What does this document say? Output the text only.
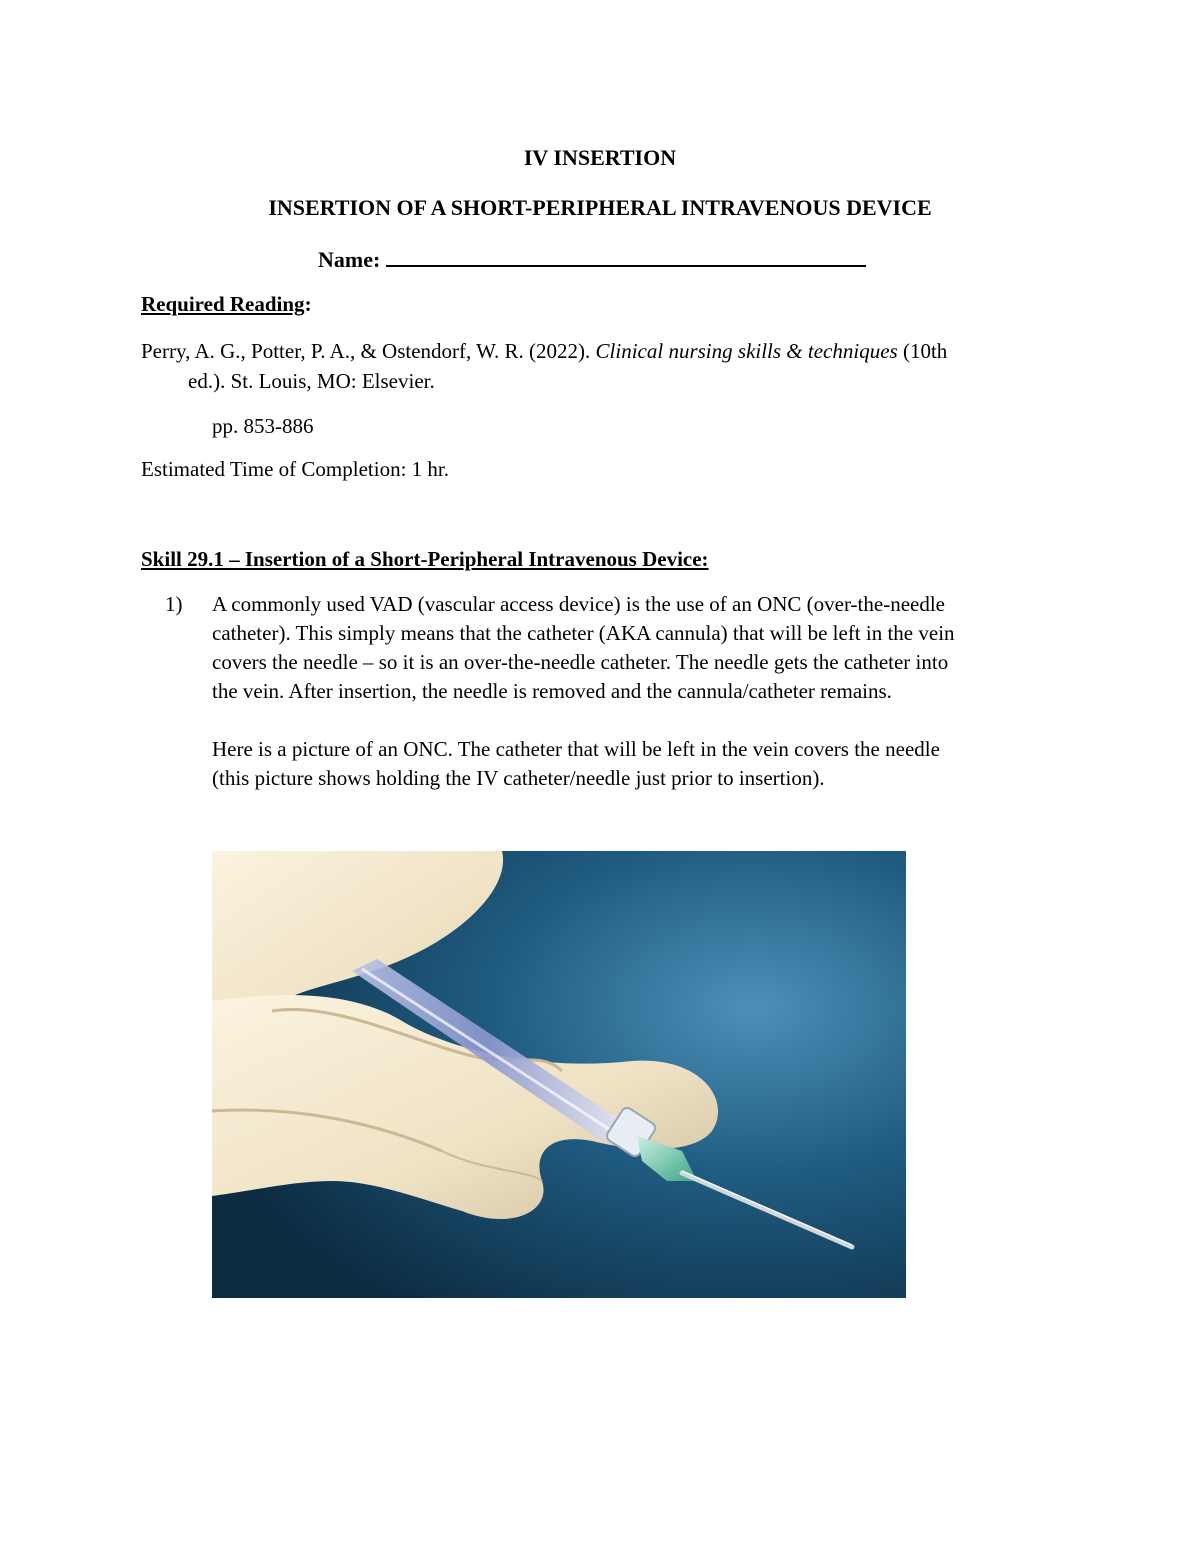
IV INSERTION
INSERTION OF A SHORT-PERIPHERAL INTRAVENOUS DEVICE
Name:
Required Reading:
Perry, A. G., Potter, P. A., & Ostendorf, W. R. (2022). Clinical nursing skills & techniques (10th
ed.). St. Louis, MO: Elsevier.
pp. 853-886
Estimated Time of Completion: 1 hr.
Skill 29.1 – Insertion of a Short-Peripheral Intravenous Device:
1) A commonly used VAD (vascular access device) is the use of an ONC (over-the-needle
catheter). This simply means that the catheter (AKA cannula) that will be left in the vein
covers the needle – so it is an over-the-needle catheter. The needle gets the catheter into
the vein. After insertion, the needle is removed and the cannula/catheter remains.
Here is a picture of an ONC. The catheter that will be left in the vein covers the needle
(this picture shows holding the IV catheter/needle just prior to insertion).
